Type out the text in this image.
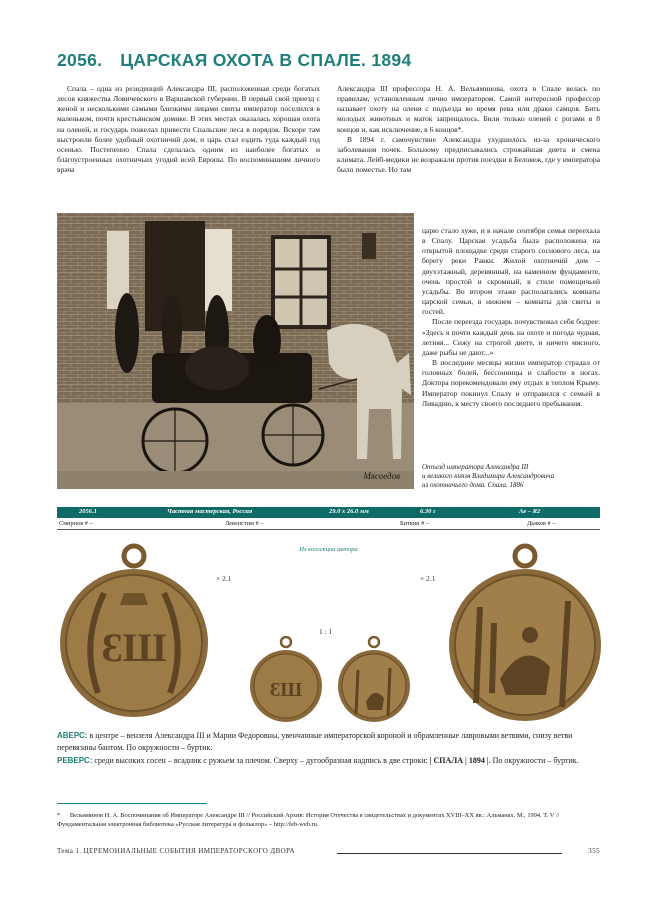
2056. ЦАРСКАЯ ОХОТА В СПАЛЕ. 1894

Спала – одна из резиденций Александра III, расположенная среди богатых лесов княжества Ловичевского в Варшавской губернии. В первый свой приезд с женой и несколькими самыми близкими лицами свиты император поселился в маленьком, почти крестьянском домике. В этих местах оказалась хорошая охота на оленей, и государь пожелал привести Спальские леса в порядок. Вскоре там выстроили более удобный охотничий дом, и царь стал ездить туда каждый год осенью. Постепенно Спала сделалась одним из наиболее богатых и благоустроенных охотничьих угодий всей Европы. По воспоминаниям личного врача

Александра III профессора Н. А. Вельяминова, охота в Спале велась по правилам, установленным лично императором. Самой интересной профессор называет охоту на оленя с подъезда во время рева или драки самцов. Бить молодых животных и маток запрещалось. Били только оленей с рогами в 8 концов и, как исключение, в 6 концов*.

В 1894 г. самочувствие Александра ухудшилось из-за хронического заболевания почек. Больному предписывались строжайшая диета и смена климата. Лейб-медики не возражали против поездки в Беловеж, где у императора было поместье. Но там

царю стало хуже, и в начале сентября семья переехала в Спалу. Царская усадьба была расположена на открытой площадке среди старого соснового леса, на берегу реки Равки. Жилой охотничий дом – двухэтажный, деревянный, на каменном фундаменте, очень простой и скромный, в стиле помещичьей усадьбы. Во втором этаже располагались комнаты царской семьи, в нижнем – комнаты для свиты и гостей.

После переезда государь почувствовал себя бодрее: «Здесь я почти каждый день на охоте и погода чудная, летняя... Сижу на строгой диете, и ничего мясного, даже рыбы не дают...»

В последние месяцы жизни император страдал от головных болей, бессонницы и слабости в ногах. Доктора порекомендовали ему отдых в теплом Крыму. Император покинул Спалу и отправился с семьей в Ливадию, к месту своего последнего пребывания.

Мясоедов
Отъезд императора Александра III
и великого князя Владимира Александровича
из охотничьего дома. Спала. 1886
2056.1	Частная мастерская, Россия	29.0 x 26.0 мм	6.30 г	Ae – R2
Смирнов # –	Левенстим # –	Биткин # –	Дьяков # –
Из коллекции автора
× 2.1
1 : 1
× 2.1
ƐШ
ƐШ
АВЕРС: в центре – вензеля Александра III и Марии Федоровны, увенчанные императорской короной и обрамленные лавровыми ветвями, снизу ветви перевязаны бантом. По окружности – буртик.
РЕВЕРС: среди высоких сосен – всадник с ружьем за плечом. Сверху – дугообразная надпись в две строки: | СПАЛА | 1894 |. По окружности – буртик.
* Вельяминов Н. А. Воспоминания об Императоре Александре III // Российский Архив: История Отечества в свидетельствах и документах XVIII–XX вв.: Альманах. М., 1994. Т. V // Фундаментальная электронная библиотека «Русская литература и фольклор» – http://feb-web.ru.
Тема 1. ЦЕРЕМОНИАЛЬНЫЕ СОБЫТИЯ ИМПЕРАТОРСКОГО ДВОРА	355
